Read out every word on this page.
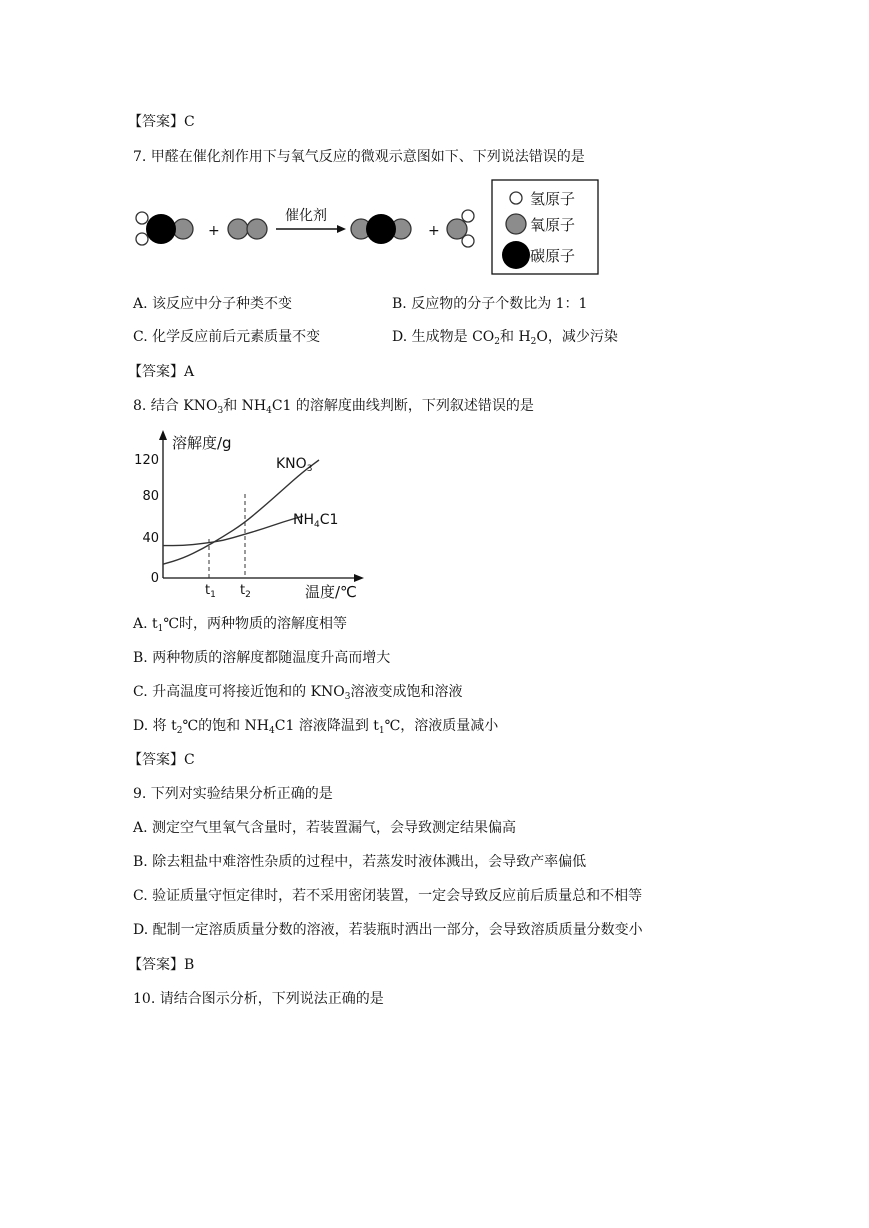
【答案】C
7. 甲醛在催化剂作用下与氧气反应的微观示意图如下、下列说法错误的是
+
催化剂
+
氢原子
氧原子
碳原子
A. 该反应中分子种类不变	B. 反应物的分子个数比为 1：1
C. 化学反应前后元素质量不变	D. 生成物是 $CO_2$和 $H_2O$，减少污染
【答案】A
8. 结合 $KNO_3$和 $NH_4C1$ 的溶解度曲线判断，下列叙述错误的是
溶解度/g
0
40
80
120
$t_1$ $t_2$	温度/℃
$KNO_3$
$NH_4C1$
A. $t_1℃$时，两种物质的溶解度相等
B. 两种物质的溶解度都随温度升高而增大
C. 升高温度可将接近饱和的 $KNO_3$溶液变成饱和溶液
D. 将 $t_2℃$的饱和 $NH_4C1$ 溶液降温到 $t_1℃$，溶液质量减小
【答案】C
9. 下列对实验结果分析正确的是
A. 测定空气里氧气含量时，若装置漏气，会导致测定结果偏高
B. 除去粗盐中难溶性杂质的过程中，若蒸发时液体溅出，会导致产率偏低
C. 验证质量守恒定律时，若不采用密闭装置，一定会导致反应前后质量总和不相等
D. 配制一定溶质质量分数的溶液，若装瓶时洒出一部分，会导致溶质质量分数变小
【答案】B
10. 请结合图示分析，下列说法正确的是
